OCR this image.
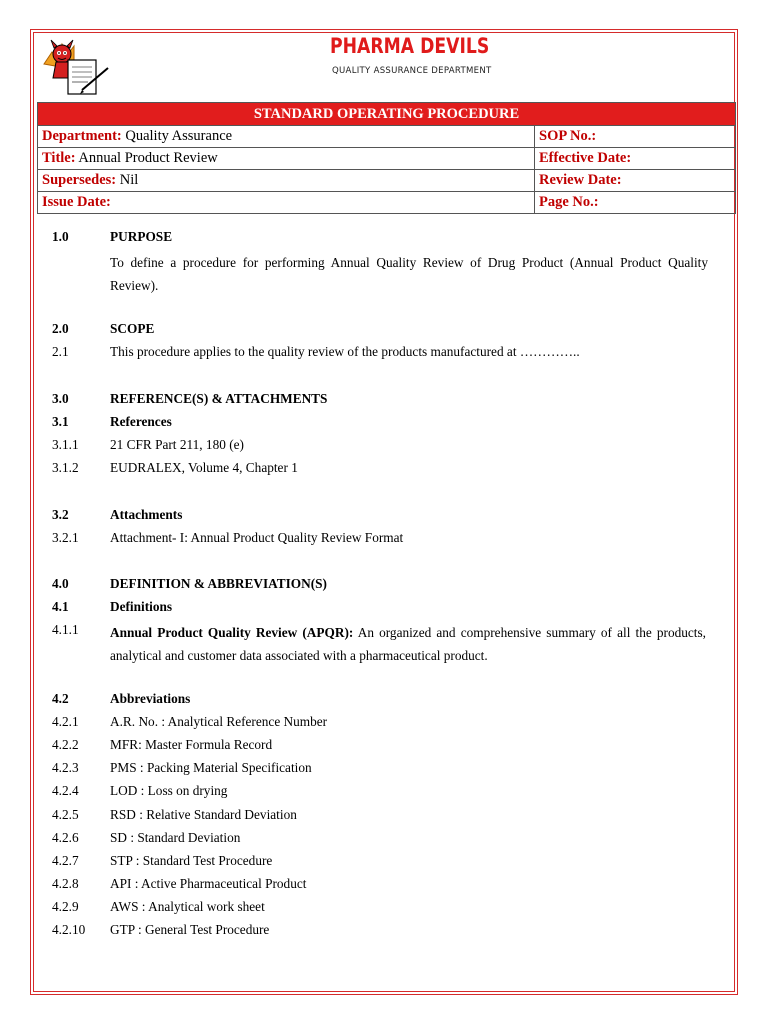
PHARMA DEVILS
QUALITY ASSURANCE DEPARTMENT
STANDARD OPERATING PROCEDURE	
Department: Quality Assurance	SOP No.:
Title: Annual Product Review	Effective Date:
Supersedes: Nil	Review Date:
Issue Date:	Page No.:
1.0	PURPOSE
To define a procedure for performing Annual Quality Review of Drug Product (Annual Product Quality Review).
2.0	SCOPE
2.1	This procedure applies to the quality review of the products manufactured at …………..
3.0	REFERENCE(S) & ATTACHMENTS
3.1	References
3.1.1 21 CFR Part 211, 180 (e)
3.1.2 EUDRALEX, Volume 4, Chapter 1
3.2	Attachments
3.2.1 Attachment- I: Annual Product Quality Review Format
4.0	DEFINITION & ABBREVIATION(S)
4.1	Definitions
4.1.1 Annual Product Quality Review (APQR): An organized and comprehensive summary of all the products, analytical and customer data associated with a pharmaceutical product.
4.2	Abbreviations
4.2.1 A.R. No. : Analytical Reference Number
4.2.2 MFR: Master Formula Record
4.2.3 PMS : Packing Material Specification
4.2.4 LOD : Loss on drying
4.2.5 RSD : Relative Standard Deviation
4.2.6 SD : Standard Deviation
4.2.7 STP : Standard Test Procedure
4.2.8 API : Active Pharmaceutical Product
4.2.9 AWS : Analytical work sheet
4.2.10 GTP : General Test Procedure
